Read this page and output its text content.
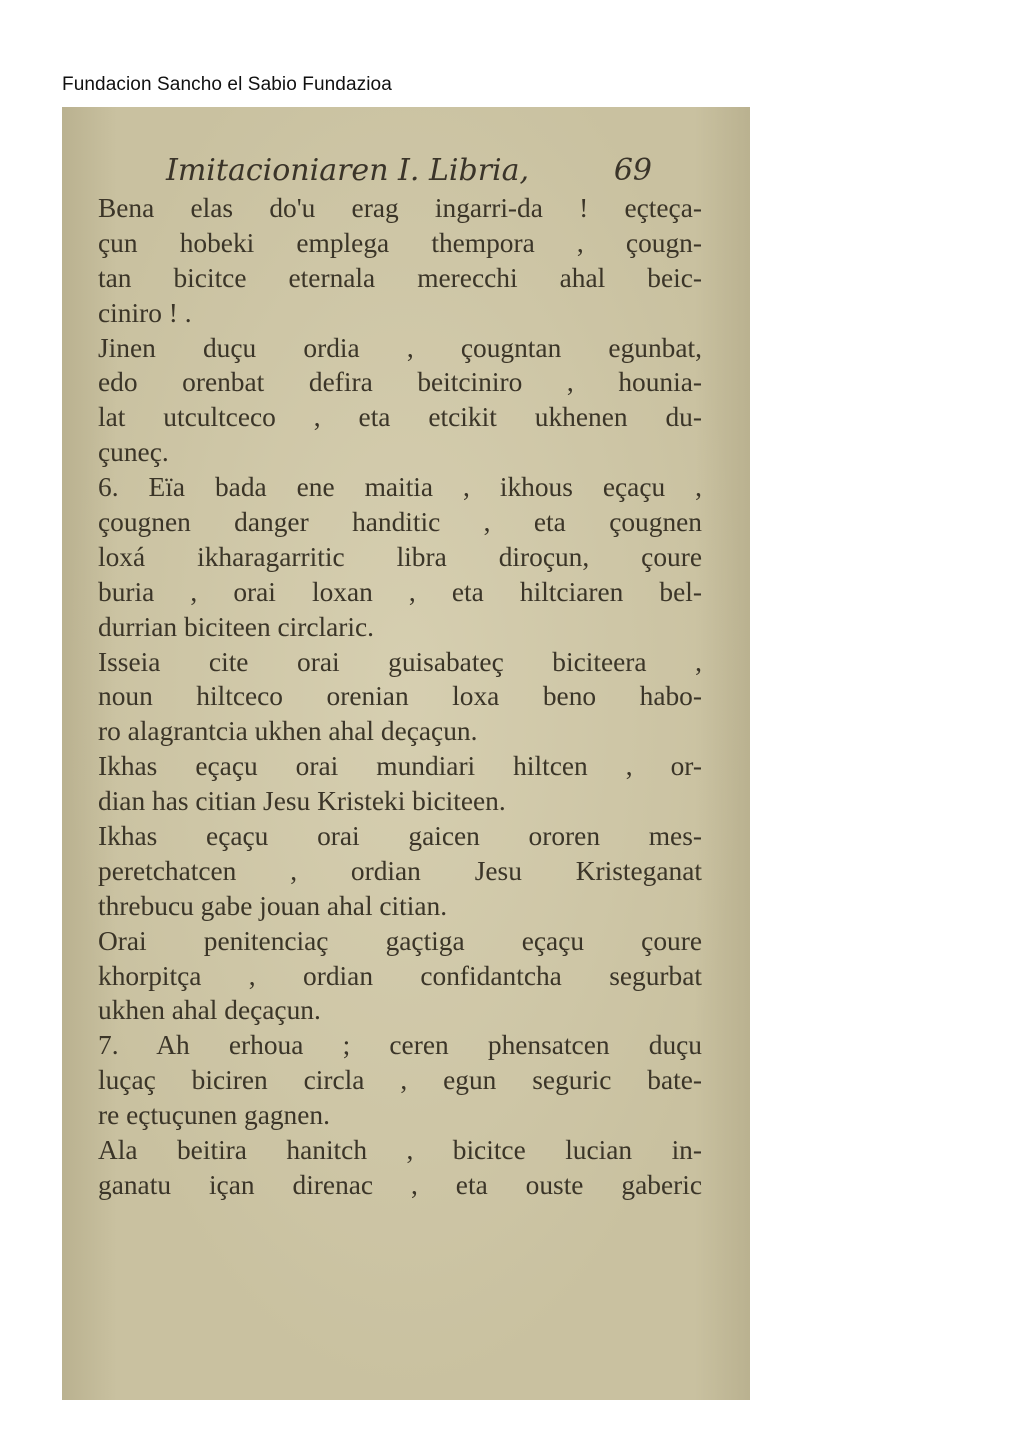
Fundacion Sancho el Sabio Fundazioa
Imitacioniaren I. Libria,	69
Bena elas do'u erag ingarri-da ! eçteça-
çun hobeki emplega themporа , çougn-
tan bicitce eternala merecchi ahal beic-
ciniro ! .
Jinen duçu ordia , çougntan egunbat,
edo orenbat defira beitciniro , hounia-
lat utcultceco , eta etcikit ukhenen du-
çuneç.
6. Eïa bada ene maitia , ikhous eçaçu ,
çougnen danger handitic , eta çougnen
loxá ikharagarritic libra diroçun, çoure
buria , orai loxan , eta hiltciaren bel-
durrian biciteen circlaric.
Isseia cite orai guisabateç biciteera ,
noun hiltceco orenian loxa beno habo-
ro alagrantcia ukhen ahal deçaçun.
Ikhas eçaçu orai mundiari hiltcen , or-
dian has citian Jesu Kristeki biciteen.
Ikhas eçaçu orai gaicen ororen mes-
peretchatcen , ordian Jesu Kristeganat
threbucu gabe jouan ahal citian.
Orai penitenciaç gaçtiga eçaçu çoure
khorpitça , ordian confidantcha segurbat
ukhen ahal deçaçun.
7. Ah erhoua ; ceren phensatcen duçu
luçaç biciren circla , egun seguric bate-
re eçtuçunen gagnen.
Ala beitira hanitch , bicitce lucian in-
ganatu içan direnac , eta ouste gaberic
